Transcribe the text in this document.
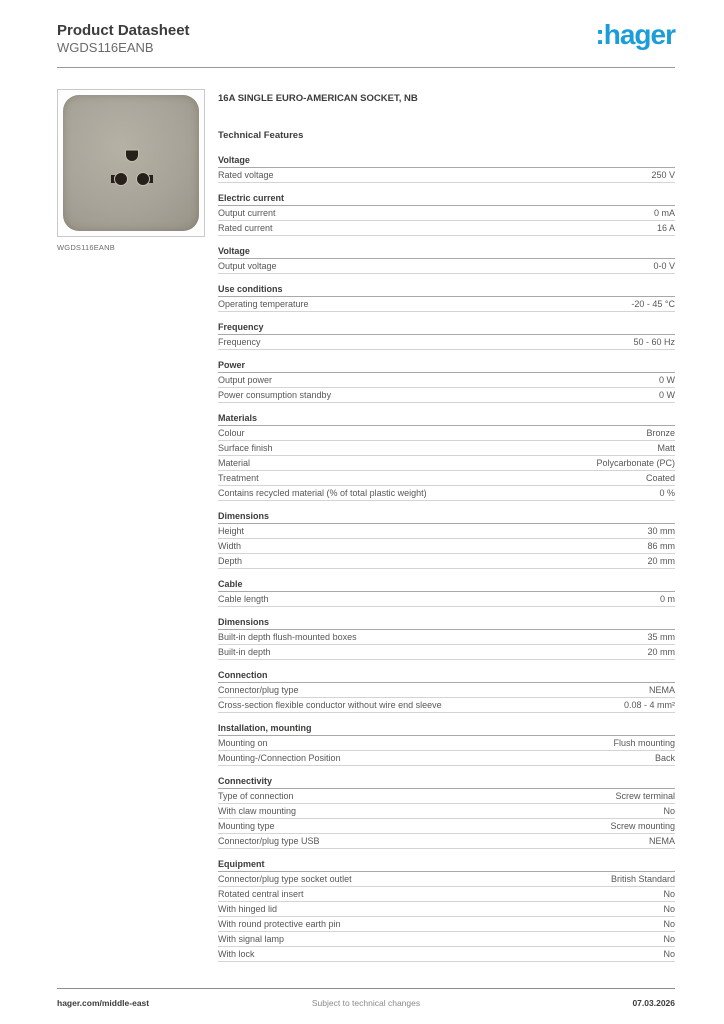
Product Datasheet
WGDS116EANB	:hager
WGDS116EANB
16A SINGLE EURO-AMERICAN SOCKET, NB
Technical Features
Voltage
Rated voltage	250 V
Electric current
Output current	0 mA
Rated current	16 A
Voltage
Output voltage	0-0 V
Use conditions
Operating temperature	-20 - 45 °C
Frequency
Frequency	50 - 60 Hz
Power
Output power	0 W
Power consumption standby	0 W
Materials
Colour	Bronze
Surface finish	Matt
Material	Polycarbonate (PC)
Treatment	Coated
Contains recycled material (% of total plastic weight)	0 %
Dimensions
Height	30 mm
Width	86 mm
Depth	20 mm
Cable
Cable length	0 m
Dimensions
Built-in depth flush-mounted boxes	35 mm
Built-in depth	20 mm
Connection
Connector/plug type	NEMA
Cross-section flexible conductor without wire end sleeve	0.08 - 4 mm²
Installation, mounting
Mounting on	Flush mounting
Mounting-/Connection Position	Back
Connectivity
Type of connection	Screw terminal
With claw mounting	No
Mounting type	Screw mounting
Connector/plug type USB	NEMA
Equipment
Connector/plug type socket outlet	British Standard
Rotated central insert	No
With hinged lid	No
With round protective earth pin	No
With signal lamp	No
With lock	No
hager.com/middle-east	Subject to technical changes	07.03.2026
